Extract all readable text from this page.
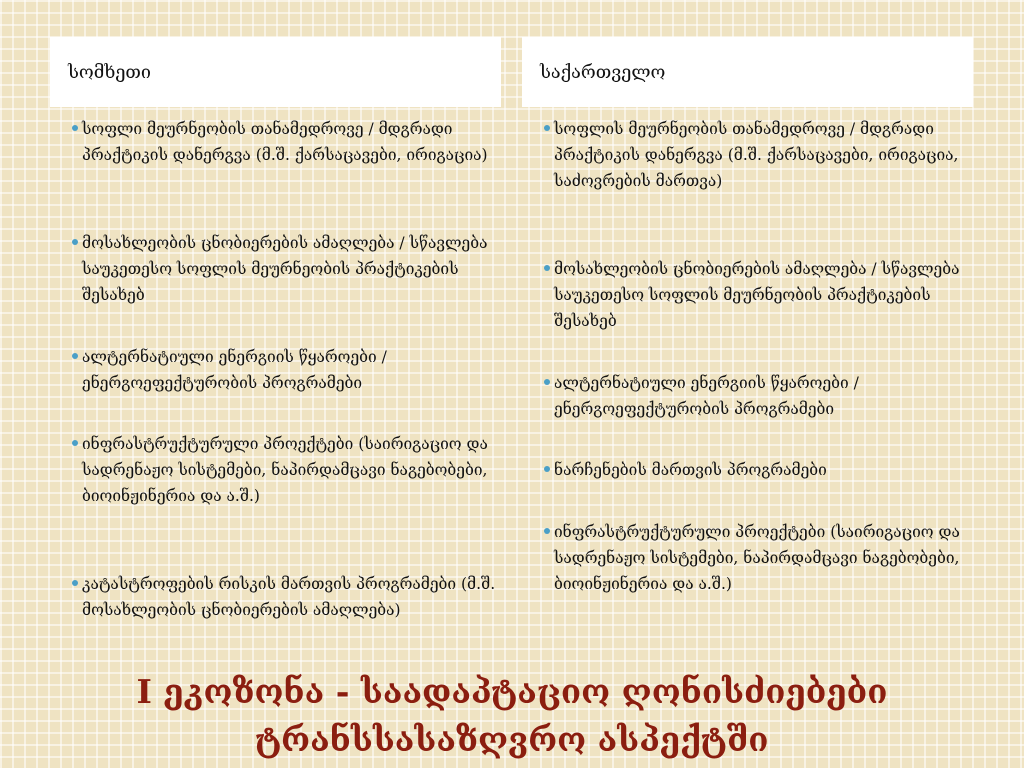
სომხეთი	საქართველო
სოფლი მეურნეობის თანამედროვე / მდგრადი პრაქტიკის დანერგვა (მ.შ. ქარსაცავები, ირიგაცია)
მოსახლეობის ცნობიერების ამაღლება / სწავლება საუკეთესო სოფლის მეურნეობის პრაქტიკების შესახებ
ალტერნატიული ენერგიის წყაროები / ენერგოეფექტურობის პროგრამები
ინფრასტრუქტურული პროექტები (საირიგაციო და სადრენაჟო სისტემები, ნაპირდამცავი ნაგებობები, ბიოინჟინერია და ა.შ.)
კატასტროფების რისკის მართვის პროგრამები (მ.შ. მოსახლეობის ცნობიერების ამაღლება)
სოფლის მეურნეობის თანამედროვე / მდგრადი პრაქტიკის დანერგვა (მ.შ. ქარსაცავები, ირიგაცია, საძოვრების მართვა)
მოსახლეობის ცნობიერების ამაღლება / სწავლება საუკეთესო სოფლის მეურნეობის პრაქტიკების შესახებ
ალტერნატიული ენერგიის წყაროები / ენერგოეფექტურობის პროგრამები
ნარჩენების მართვის პროგრამები
ინფრასტრუქტურული პროექტები (საირიგაციო და სადრენაჟო სისტემები, ნაპირდამცავი ნაგებობები, ბიოინჟინერია და ა.შ.)
I ეკოზონა - საადაპტაციო ღონისძიებები
ტრანსსასაზღვრო ასპექტში
